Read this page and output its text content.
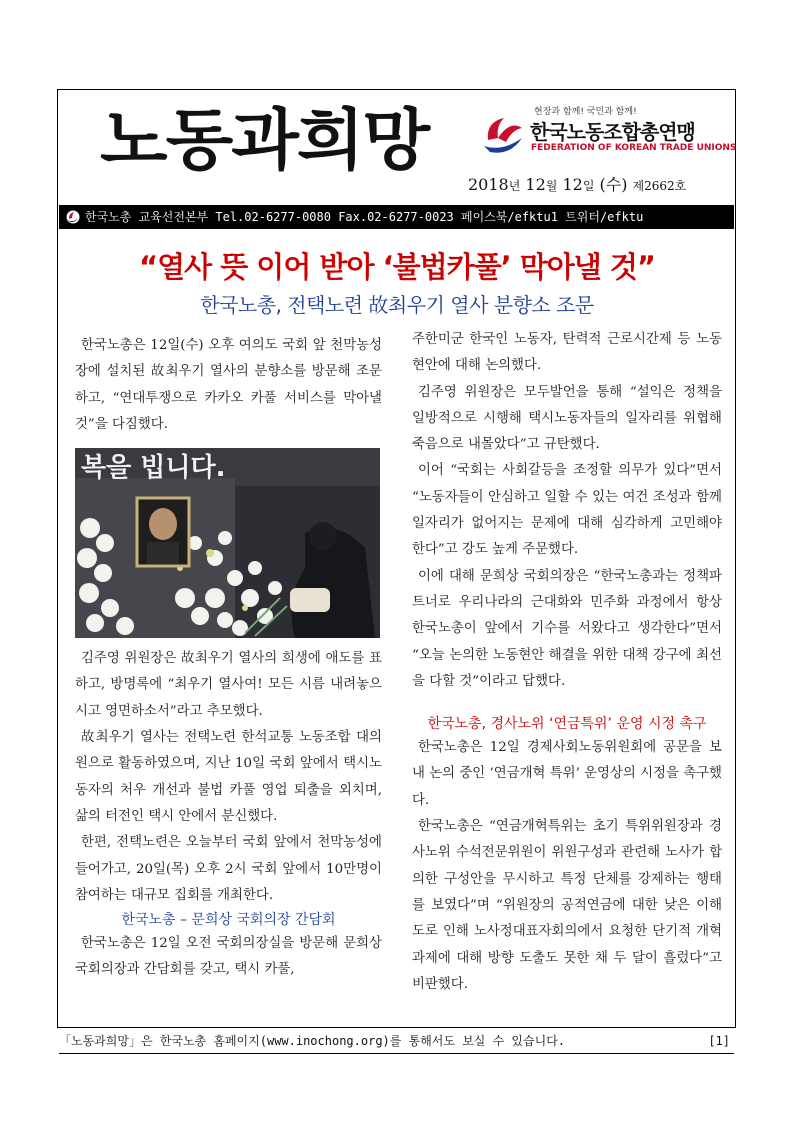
노동과희망	현장과 함께! 국민과 함께!
한국노동조합총연맹
FEDERATION OF KOREAN TRADE UNIONS
2018년 12월 12일 (수) 제2662호
한국노총 교육선전본부 Tel.02-6277-0080 Fax.02-6277-0023 페이스북/efktu1 트위터/efktu
“열사 뜻 이어 받아 ‘불법카풀’ 막아낼 것”
한국노총, 전택노련 故최우기 열사 분향소 조문

한국노총은 12일(수) 오후 여의도 국회 앞 천막농성장에 설치된 故최우기 열사의 분향소를 방문해 조문하고, “연대투쟁으로 카카오 카풀 서비스를 막아낼 것”을 다짐했다.

복을 빕니다.

김주영 위원장은 故최우기 열사의 희생에 애도를 표하고, 방명록에 “최우기 열사여! 모든 시름 내려놓으시고 영면하소서”라고 추모했다.

故최우기 열사는 전택노련 한석교통 노동조합 대의원으로 활동하였으며, 지난 10일 국회 앞에서 택시노동자의 처우 개선과 불법 카풀 영업 퇴출을 외치며, 삶의 터전인 택시 안에서 분신했다.

한편, 전택노련은 오늘부터 국회 앞에서 천막농성에 들어가고, 20일(목) 오후 2시 국회 앞에서 10만명이 참여하는 대규모 집회를 개최한다.

한국노총 – 문희상 국회의장 간담회

한국노총은 12일 오전 국회의장실을 방문해 문희상 국회의장과 간담회를 갖고, 택시 카풀,

주한미군 한국인 노동자, 탄력적 근로시간제 등 노동현안에 대해 논의했다.

김주영 위원장은 모두발언을 통해 “설익은 정책을 일방적으로 시행해 택시노동자들의 일자리를 위협해 죽음으로 내몰았다”고 규탄했다.

이어 “국회는 사회갈등을 조정할 의무가 있다”면서 “노동자들이 안심하고 일할 수 있는 여건 조성과 함께 일자리가 없어지는 문제에 대해 심각하게 고민해야 한다”고 강도 높게 주문했다.

이에 대해 문희상 국회의장은 “한국노총과는 정책파트너로 우리나라의 근대화와 민주화 과정에서 항상 한국노총이 앞에서 기수를 서왔다고 생각한다”면서 “오늘 논의한 노동현안 해결을 위한 대책 강구에 최선을 다할 것”이라고 답했다.

한국노총, 경사노위 ‘연금특위’ 운영 시정 촉구

한국노총은 12일 경제사회노동위원회에 공문을 보내 논의 중인 ‘연금개혁 특위’ 운영상의 시정을 촉구했다.

한국노총은 “연금개혁특위는 초기 특위위원장과 경사노위 수석전문위원이 위원구성과 관련해 노사가 합의한 구성안을 무시하고 특정 단체를 강제하는 행태를 보였다”며 “위원장의 공적연금에 대한 낮은 이해도로 인해 노사정대표자회의에서 요청한 단기적 개혁과제에 대해 방향 도출도 못한 채 두 달이 흘렀다”고 비판했다.

「노동과희망」은 한국노총 홈페이지(www.inochong.org)를 통해서도 보실 수 있습니다.	[1]
